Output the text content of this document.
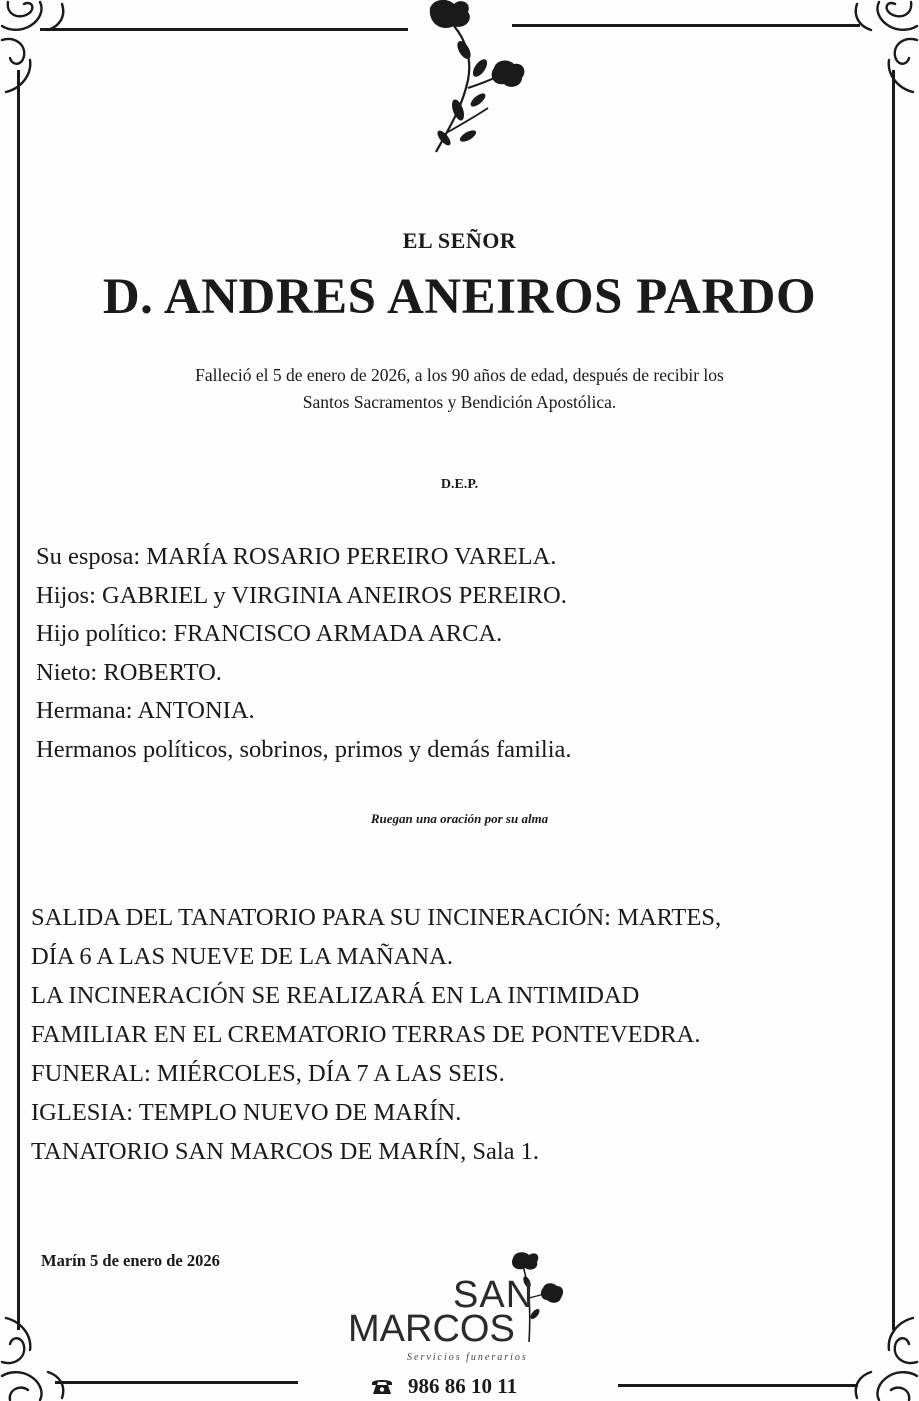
EL SEÑOR
D. ANDRES ANEIROS PARDO
Falleció el 5 de enero de 2026, a los 90 años de edad, después de recibir los
Santos Sacramentos y Bendición Apostólica.
D.E.P.
Su esposa: MARÍA ROSARIO PEREIRO VARELA.
Hijos: GABRIEL y VIRGINIA ANEIROS PEREIRO.
Hijo político: FRANCISCO ARMADA ARCA.
Nieto: ROBERTO.
Hermana: ANTONIA.
Hermanos políticos, sobrinos, primos y demás familia.
Ruegan una oración por su alma
SALIDA DEL TANATORIO PARA SU INCINERACIÓN: MARTES,
DÍA 6 A LAS NUEVE DE LA MAÑANA.
LA INCINERACIÓN SE REALIZARÁ EN LA INTIMIDAD
FAMILIAR EN EL CREMATORIO TERRAS DE PONTEVEDRA.
FUNERAL: MIÉRCOLES, DÍA 7 A LAS SEIS.
IGLESIA: TEMPLO NUEVO DE MARÍN.
TANATORIO SAN MARCOS DE MARÍN, Sala 1.
Marín 5 de enero de 2026
SAN
MARCOS
Servicios funerarios
986 86 10 11
